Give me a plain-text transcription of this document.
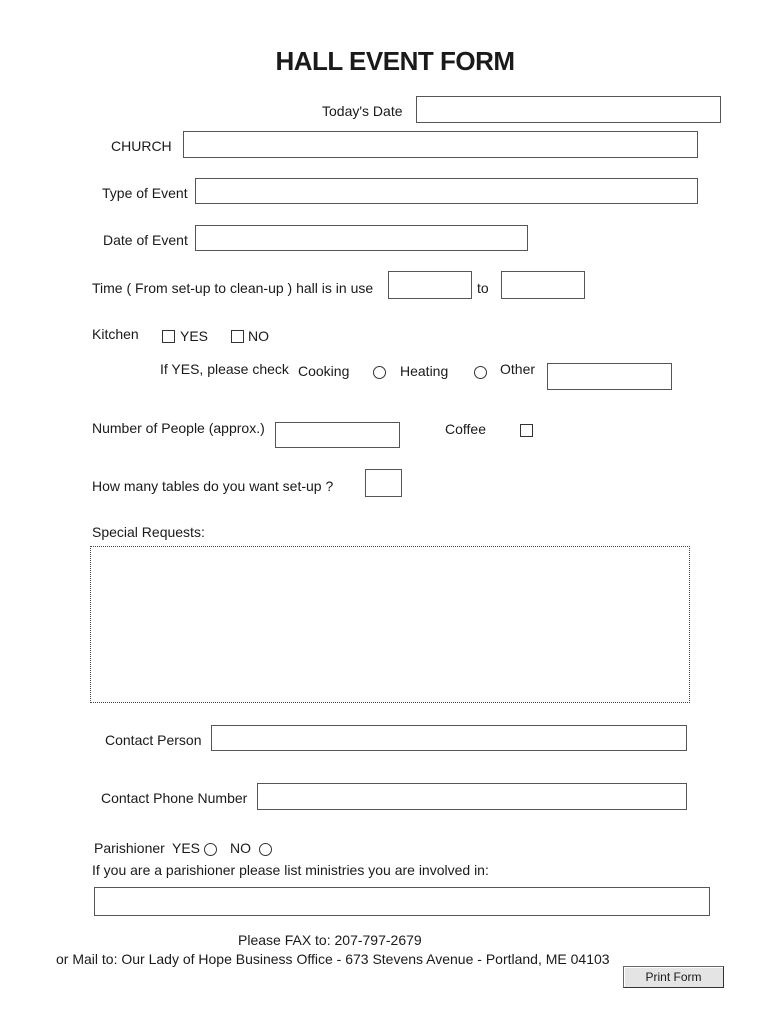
HALL EVENT FORM
Today's Date
CHURCH
Type of Event
Date of Event
Time ( From set-up to clean-up ) hall is in use	to
Kitchen	YES	NO
If YES, please check Cooking	Heating	Other
Number of People (approx.)	Coffee
How many tables do you want set-up ?
Special Requests:
Contact Person
Contact Phone Number
Parishioner YES NO
If you are a parishioner please list ministries you are involved in:
Please FAX to: 207-797-2679
or Mail to: Our Lady of Hope Business Office - 673 Stevens Avenue - Portland, ME 04103
Print Form
